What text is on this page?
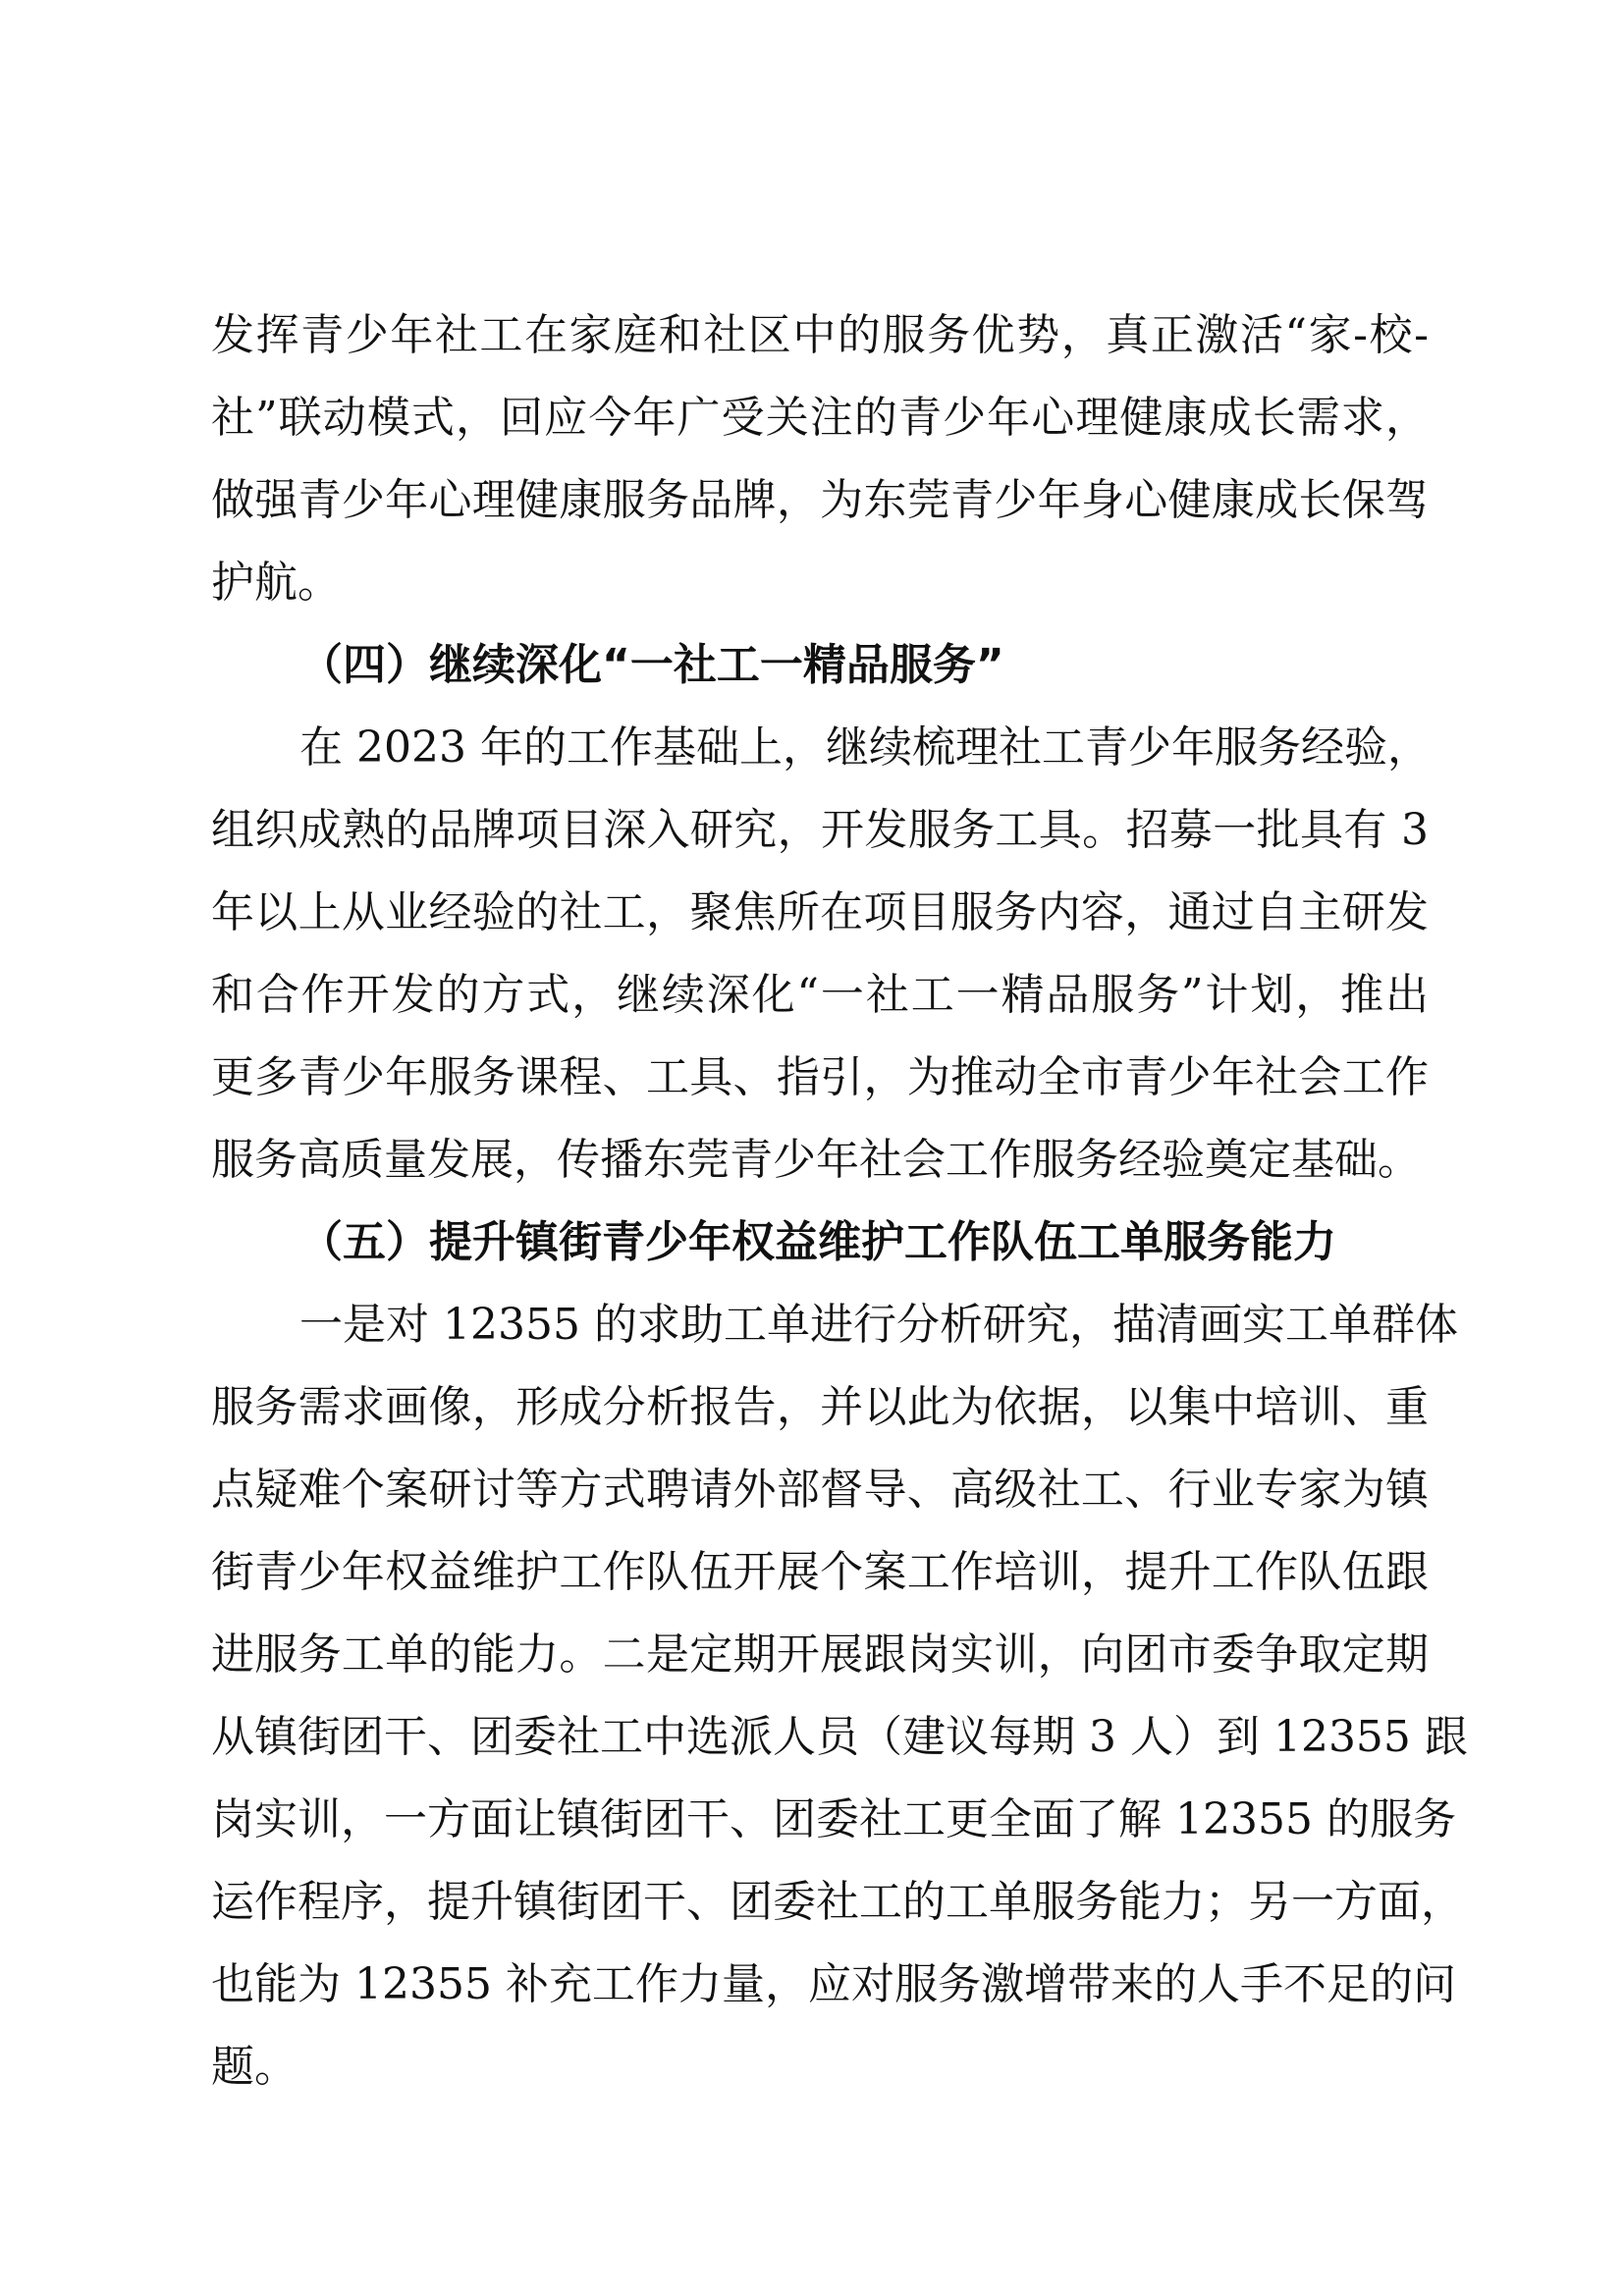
发挥青少年社工在家庭和社区中的服务优势，真正激活“家-校-
社”联动模式，回应今年广受关注的青少年心理健康成长需求，
做强青少年心理健康服务品牌，为东莞青少年身心健康成长保驾
护航。
（四）继续深化“一社工一精品服务”
在 2023 年的工作基础上，继续梳理社工青少年服务经验，
组织成熟的品牌项目深入研究，开发服务工具。招募一批具有 3
年以上从业经验的社工，聚焦所在项目服务内容，通过自主研发
和合作开发的方式，继续深化“一社工一精品服务”计划，推出
更多青少年服务课程、工具、指引，为推动全市青少年社会工作
服务高质量发展，传播东莞青少年社会工作服务经验奠定基础。
（五）提升镇街青少年权益维护工作队伍工单服务能力
一是对 12355 的求助工单进行分析研究，描清画实工单群体
服务需求画像，形成分析报告，并以此为依据，以集中培训、重
点疑难个案研讨等方式聘请外部督导、高级社工、行业专家为镇
街青少年权益维护工作队伍开展个案工作培训，提升工作队伍跟
进服务工单的能力。二是定期开展跟岗实训，向团市委争取定期
从镇街团干、团委社工中选派人员（建议每期 3 人）到 12355 跟
岗实训，一方面让镇街团干、团委社工更全面了解 12355 的服务
运作程序，提升镇街团干、团委社工的工单服务能力；另一方面，
也能为 12355 补充工作力量，应对服务激增带来的人手不足的问
题。
